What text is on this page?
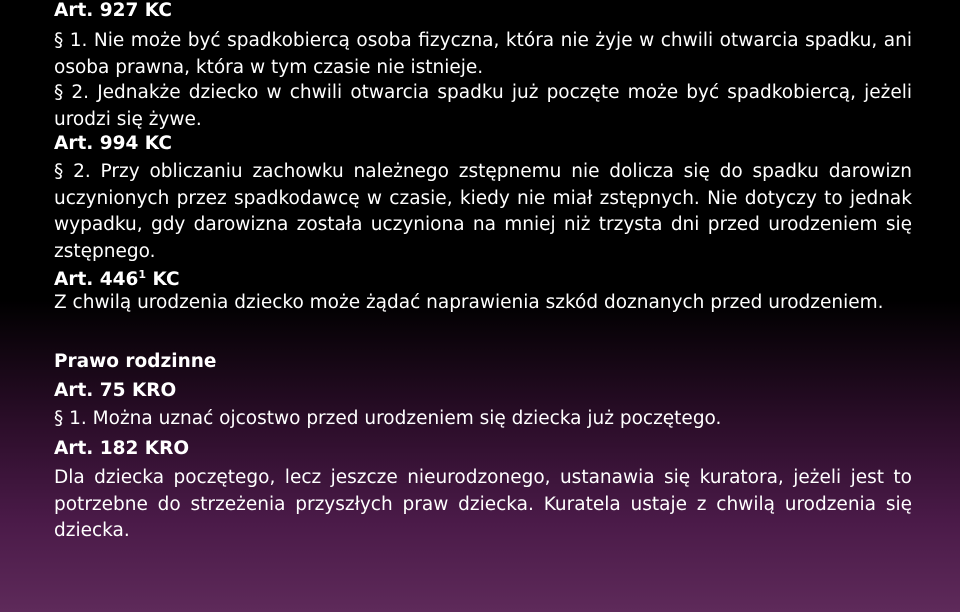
Art. 927 KC
§ 1. Nie może być spadkobiercą osoba fizyczna, która nie żyje w chwili otwarcia spadku, ani osoba prawna, która w tym czasie nie istnieje.
§ 2. Jednakże dziecko w chwili otwarcia spadku już poczęte może być spadkobiercą, jeżeli urodzi się żywe.
Art. 994 KC
§ 2. Przy obliczaniu zachowku należnego zstępnemu nie dolicza się do spadku darowizn uczynionych przez spadkodawcę w czasie, kiedy nie miał zstępnych. Nie dotyczy to jednak wypadku, gdy darowizna została uczyniona na mniej niż trzysta dni przed urodzeniem się zstępnego.
Art. $446^1$ KC
Z chwilą urodzenia dziecko może żądać naprawienia szkód doznanych przed urodzeniem.
Prawo rodzinne
Art. 75 KRO
§ 1. Można uznać ojcostwo przed urodzeniem się dziecka już poczętego.
Art. 182 KRO
Dla dziecka poczętego, lecz jeszcze nieurodzonego, ustanawia się kuratora, jeżeli jest to potrzebne do strzeżenia przyszłych praw dziecka. Kuratela ustaje z chwilą urodzenia się dziecka.
